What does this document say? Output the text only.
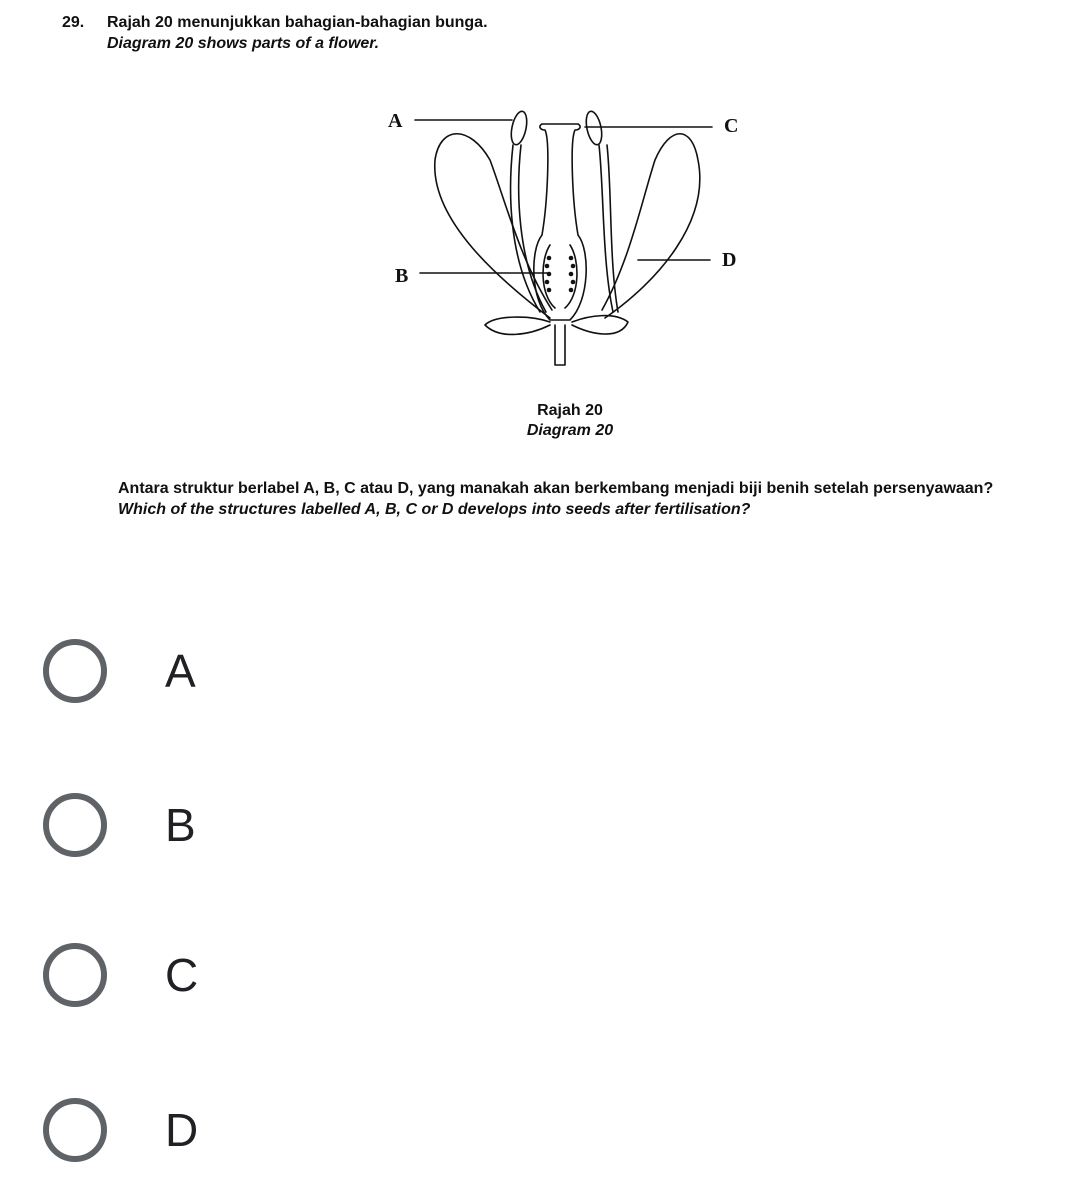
29. Rajah 20 menunjukkan bahagian-bahagian bunga.
Diagram 20 shows parts of a flower.
A	C
B
D
Rajah 20
Diagram 20
Antara struktur berlabel A, B, C atau D, yang manakah akan berkembang menjadi biji benih setelah persenyawaan?
Which of the structures labelled A, B, C or D develops into seeds after fertilisation?
A
B
C
D
